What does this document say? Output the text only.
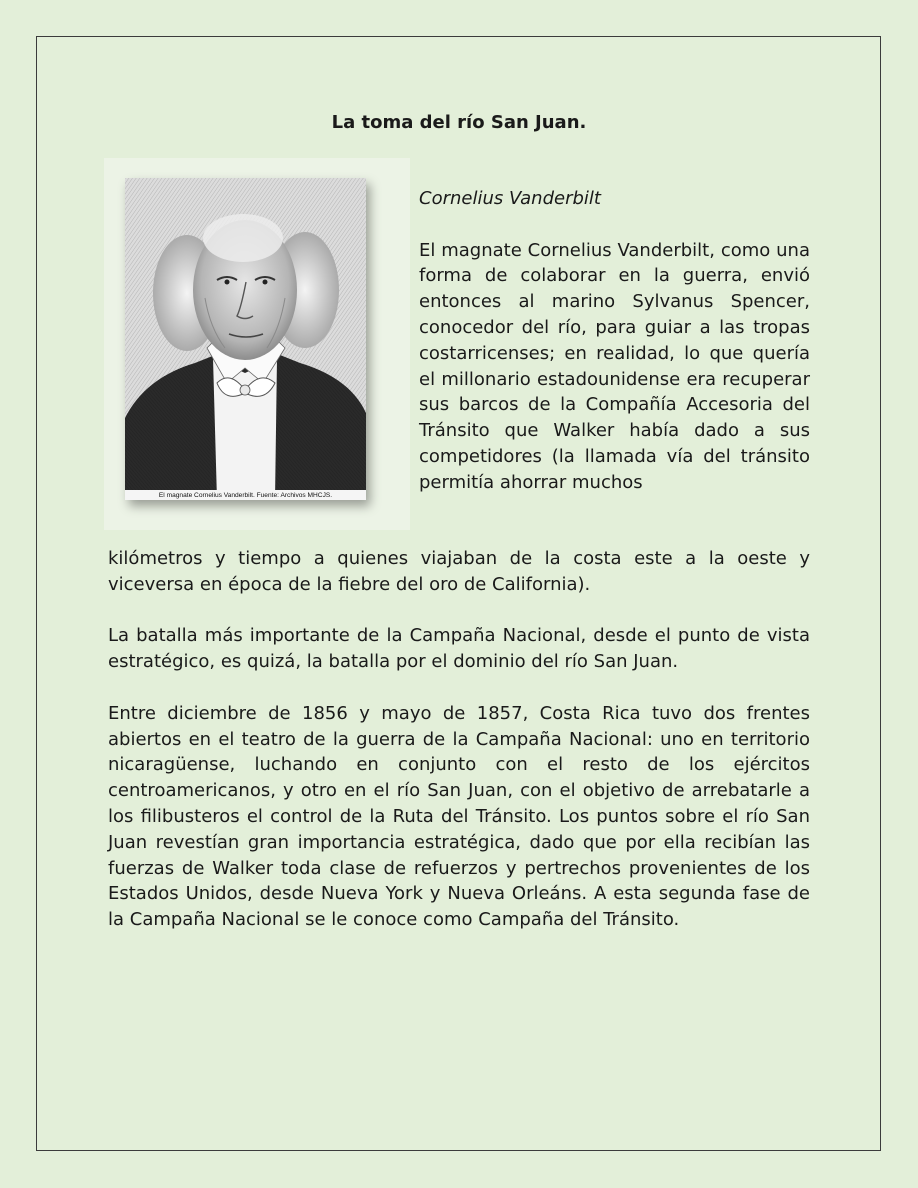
La toma del río San Juan.
El magnate Cornelius Vanderbilt. Fuente: Archivos MHCJS.

Cornelius Vanderbilt

El magnate Cornelius Vanderbilt, como una forma de colaborar en la guerra, envió entonces al marino Sylvanus Spencer, conocedor del río, para guiar a las tropas costarricenses; en realidad, lo que quería el millonario estadounidense era recuperar sus barcos de la Compañía Accesoria del Tránsito que Walker había dado a sus competidores (la llamada vía del tránsito permitía ahorrar muchos

kilómetros y tiempo a quienes viajaban de la costa este a la oeste y viceversa en época de la fiebre del oro de California).

La batalla más importante de la Campaña Nacional, desde el punto de vista estratégico, es quizá, la batalla por el dominio del río San Juan.

Entre diciembre de 1856 y mayo de 1857, Costa Rica tuvo dos frentes abiertos en el teatro de la guerra de la Campaña Nacional: uno en territorio nicaragüense, luchando en conjunto con el resto de los ejércitos centroamericanos, y otro en el río San Juan, con el objetivo de arrebatarle a los filibusteros el control de la Ruta del Tránsito. Los puntos sobre el río San Juan revestían gran importancia estratégica, dado que por ella recibían las fuerzas de Walker toda clase de refuerzos y pertrechos provenientes de los Estados Unidos, desde Nueva York y Nueva Orleáns. A esta segunda fase de la Campaña Nacional se le conoce como Campaña del Tránsito.
